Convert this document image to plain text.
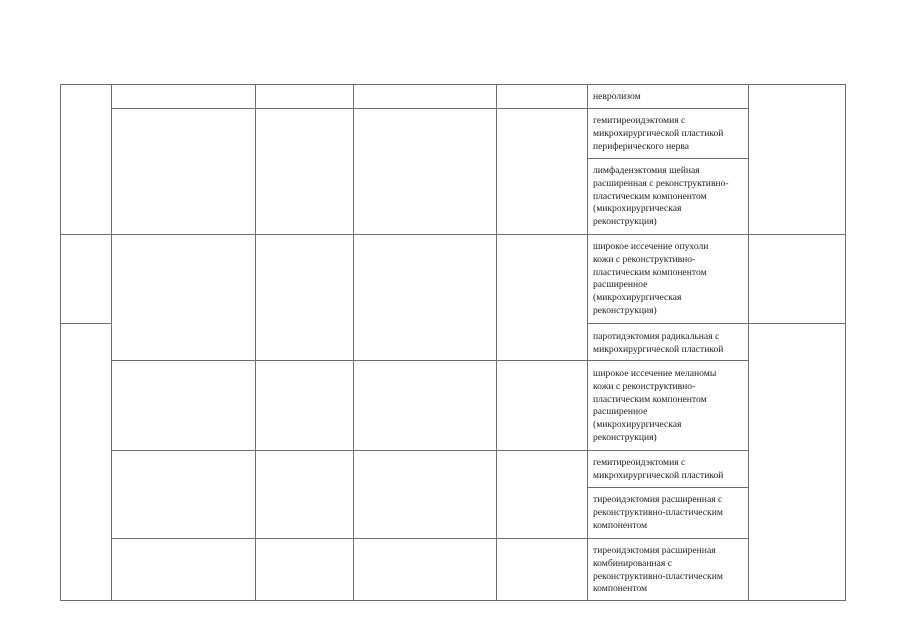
невролизом
гемитиреоидэктомия с
микрохирургической пластикой
периферического нерва
лимфаденэктомия шейная
расширенная с реконструктивно-
пластическим компонентом
(микрохирургическая
реконструкция)
широкое иссечение опухоли
кожи с реконструктивно-
пластическим компонентом
расширенное
(микрохирургическая
реконструкция)
паротидэктомия радикальная с
микрохирургической пластикой
широкое иссечение меланомы
кожи с реконструктивно-
пластическим компонентом
расширенное
(микрохирургическая
реконструкция)
гемитиреоидэктомия с
микрохирургической пластикой
тиреоидэктомия расширенная с
реконструктивно-пластическим
компонентом
тиреоидэктомия расширенная
комбинированная с
реконструктивно-пластическим
компонентом
